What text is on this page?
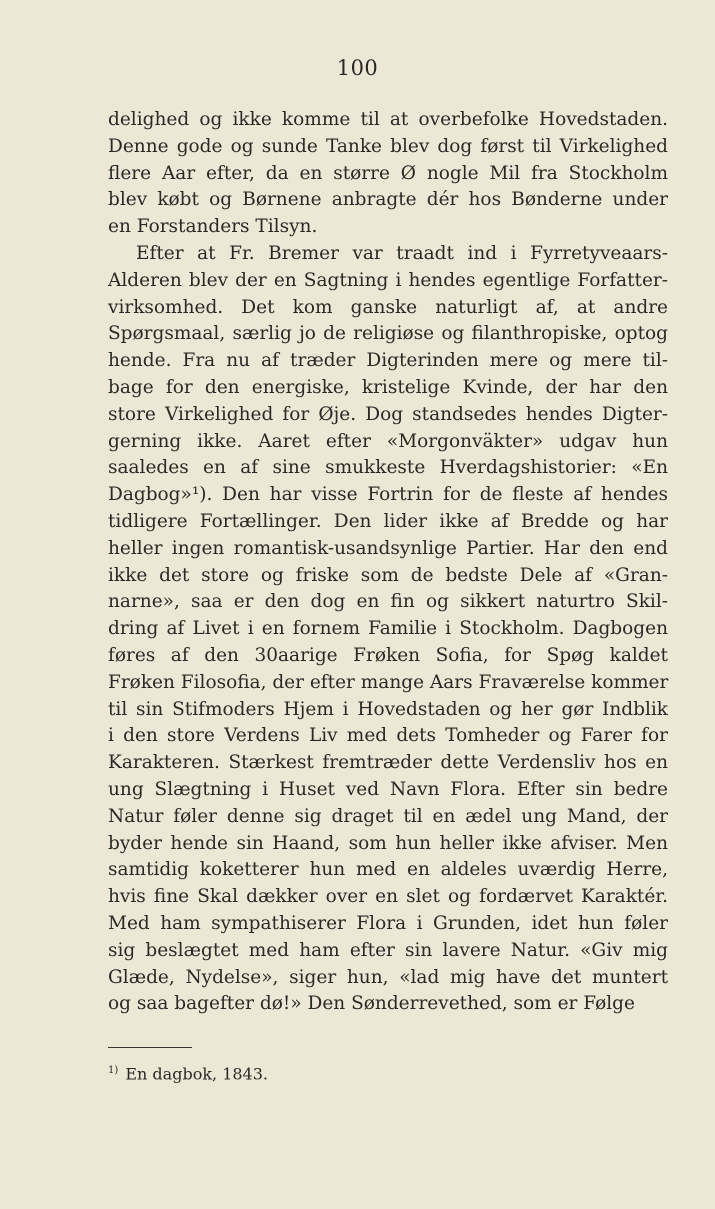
100
delighed og ikke komme til at overbefolke Hovedstaden.
Denne gode og sunde Tanke blev dog først til Virkelighed
flere Aar efter, da en større Ø nogle Mil fra Stockholm
blev købt og Børnene anbragte dér hos Bønderne under
en Forstanders Tilsyn.
Efter at Fr. Bremer var traadt ind i Fyrretyveaars-
Alderen blev der en Sagtning i hendes egentlige Forfatter-
virksomhed. Det kom ganske naturligt af, at andre
Spørgsmaal, særlig jo de religiøse og filanthropiske, optog
hende. Fra nu af træder Digterinden mere og mere til-
bage for den energiske, kristelige Kvinde, der har den
store Virkelighed for Øje. Dog standsedes hendes Digter-
gerning ikke. Aaret efter «Morgonväkter» udgav hun
saaledes en af sine smukkeste Hverdagshistorier: «En
Dagbog»¹). Den har visse Fortrin for de fleste af hendes
tidligere Fortællinger. Den lider ikke af Bredde og har
heller ingen romantisk-usandsynlige Partier. Har den end
ikke det store og friske som de bedste Dele af «Gran-
narne», saa er den dog en fin og sikkert naturtro Skil-
dring af Livet i en fornem Familie i Stockholm. Dagbogen
føres af den 30aarige Frøken Sofia, for Spøg kaldet
Frøken Filosofia, der efter mange Aars Fraværelse kommer
til sin Stifmoders Hjem i Hovedstaden og her gør Indblik
i den store Verdens Liv med dets Tomheder og Farer for
Karakteren. Stærkest fremtræder dette Verdensliv hos en
ung Slægtning i Huset ved Navn Flora. Efter sin bedre
Natur føler denne sig draget til en ædel ung Mand, der
byder hende sin Haand, som hun heller ikke afviser. Men
samtidig koketterer hun med en aldeles uværdig Herre,
hvis fine Skal dækker over en slet og fordærvet Karaktér.
Med ham sympathiserer Flora i Grunden, idet hun føler
sig beslægtet med ham efter sin lavere Natur. «Giv mig
Glæde, Nydelse», siger hun, «lad mig have det muntert
og saa bagefter dø!» Den Sønderrevethed, som er Følge
$^{1)}$ En dagbok, 1843.
